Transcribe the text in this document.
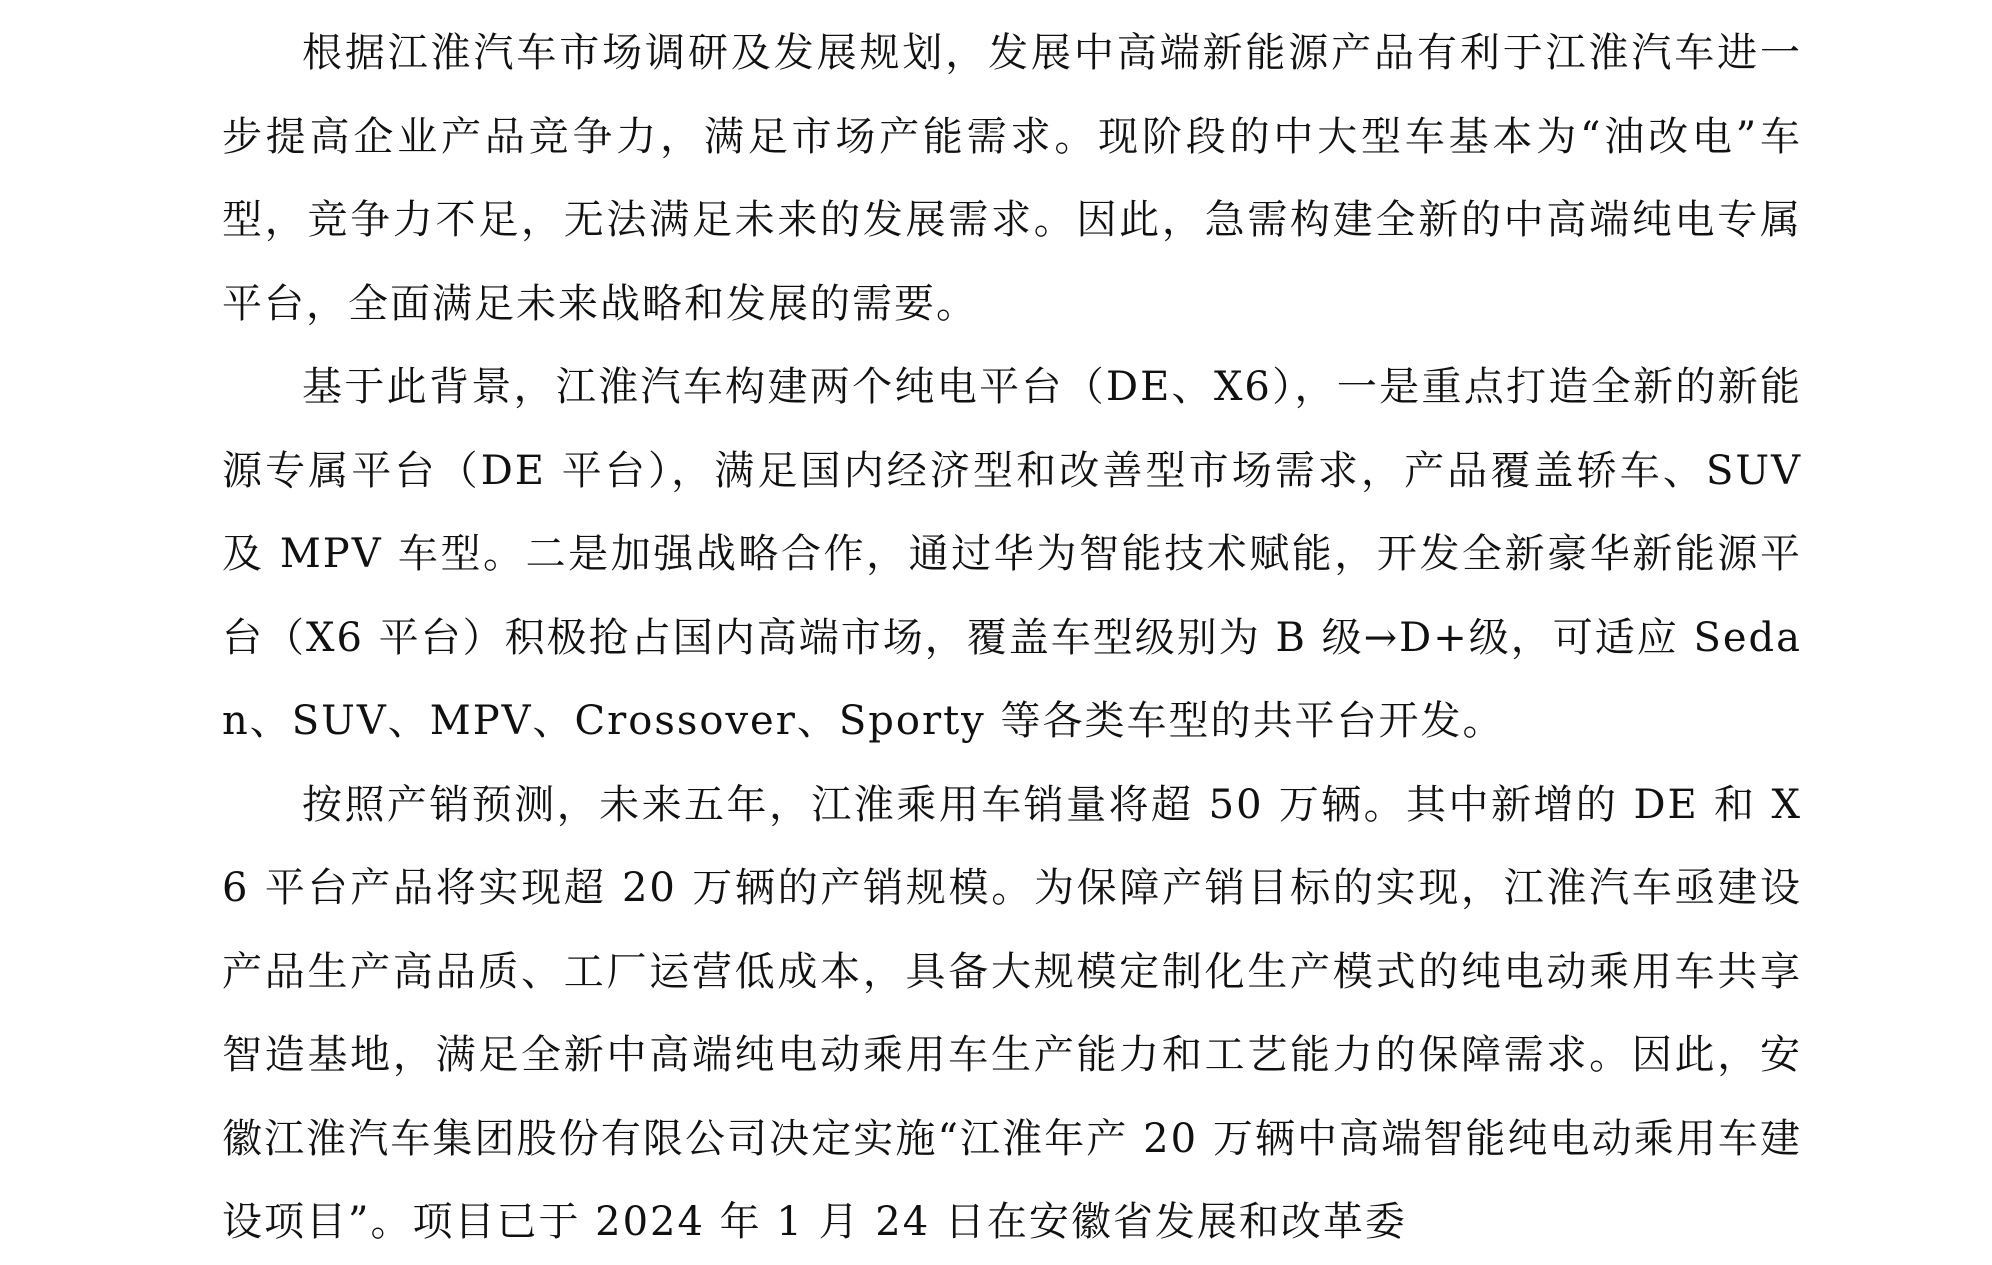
根据江淮汽车市场调研及发展规划，发展中高端新能源产品有利于江淮汽车进一步提高企业产品竞争力，满足市场产能需求。现阶段的中大型车基本为“油改电”车型，竞争力不足，无法满足未来的发展需求。因此，急需构建全新的中高端纯电专属平台，全面满足未来战略和发展的需要。

基于此背景，江淮汽车构建两个纯电平台（DE、X6），一是重点打造全新的新能源专属平台（DE 平台），满足国内经济型和改善型市场需求，产品覆盖轿车、SUV 及 MPV 车型。二是加强战略合作，通过华为智能技术赋能，开发全新豪华新能源平台（X6 平台）积极抢占国内高端市场，覆盖车型级别为 B 级→D+级，可适应 Sedan、SUV、MPV、Crossover、Sporty 等各类车型的共平台开发。

按照产销预测，未来五年，江淮乘用车销量将超 50 万辆。其中新增的 DE 和 X6 平台产品将实现超 20 万辆的产销规模。为保障产销目标的实现，江淮汽车亟建设产品生产高品质、工厂运营低成本，具备大规模定制化生产模式的纯电动乘用车共享智造基地，满足全新中高端纯电动乘用车生产能力和工艺能力的保障需求。因此，安徽江淮汽车集团股份有限公司决定实施“江淮年产 20 万辆中高端智能纯电动乘用车建设项目”。项目已于 2024 年 1 月 24 日在安徽省发展和改革委
